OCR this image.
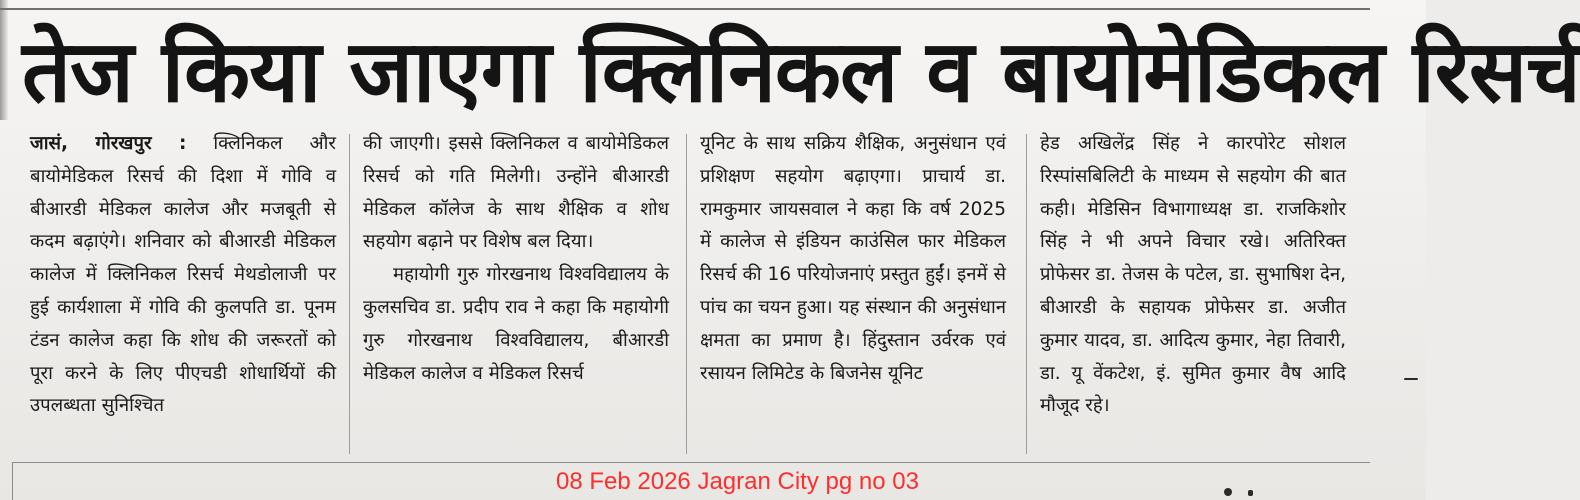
तेज किया जाएगा क्लिनिकल व बायोमेडिकल रिसर्च

जासं, गोरखपुर : क्लिनिकल और बायोमेडिकल रिसर्च की दिशा में गोवि व बीआरडी मेडिकल कालेज और मजबूती से कदम बढ़ाएंगे। शनिवार को बीआरडी मेडिकल कालेज में क्लिनिकल रिसर्च मेथडोलाजी पर हुई कार्यशाला में गोवि की कुलपति डा. पूनम टंडन कालेज कहा कि शोध की जरूरतों को पूरा करने के लिए पीएचडी शोधार्थियों की उपलब्धता सुनिश्चित

की जाएगी। इससे क्लिनिकल व बायोमेडिकल रिसर्च को गति मिलेगी। उन्होंने बीआरडी मेडिकल कॉलेज के साथ शैक्षिक व शोध सहयोग बढ़ाने पर विशेष बल दिया।

महायोगी गुरु गोरखनाथ विश्वविद्यालय के कुलसचिव डा. प्रदीप राव ने कहा कि महायोगी गुरु गोरखनाथ विश्वविद्यालय, बीआरडी मेडिकल कालेज व मेडिकल रिसर्च

यूनिट के साथ सक्रिय शैक्षिक, अनुसंधान एवं प्रशिक्षण सहयोग बढ़ाएगा। प्राचार्य डा. रामकुमार जायसवाल ने कहा कि वर्ष 2025 में कालेज से इंडियन काउंसिल फार मेडिकल रिसर्च की 16 परियोजनाएं प्रस्तुत हुईं। इनमें से पांच का चयन हुआ। यह संस्थान की अनुसंधान क्षमता का प्रमाण है। हिंदुस्तान उर्वरक एवं रसायन लिमिटेड के बिजनेस यूनिट

हेड अखिलेंद्र सिंह ने कारपोरेट सोशल रिस्पांसबिलिटी के माध्यम से सहयोग की बात कही। मेडिसिन विभागाध्यक्ष डा. राजकिशोर सिंह ने भी अपने विचार रखे। अतिरिक्त प्रोफेसर डा. तेजस के पटेल, डा. सुभाषिश देन, बीआरडी के सहायक प्रोफेसर डा. अजीत कुमार यादव, डा. आदित्य कुमार, नेहा तिवारी, डा. यू वेंकटेश, इं. सुमित कुमार वैष आदि मौजूद रहे।

08 Feb 2026 Jagran City pg no 03
